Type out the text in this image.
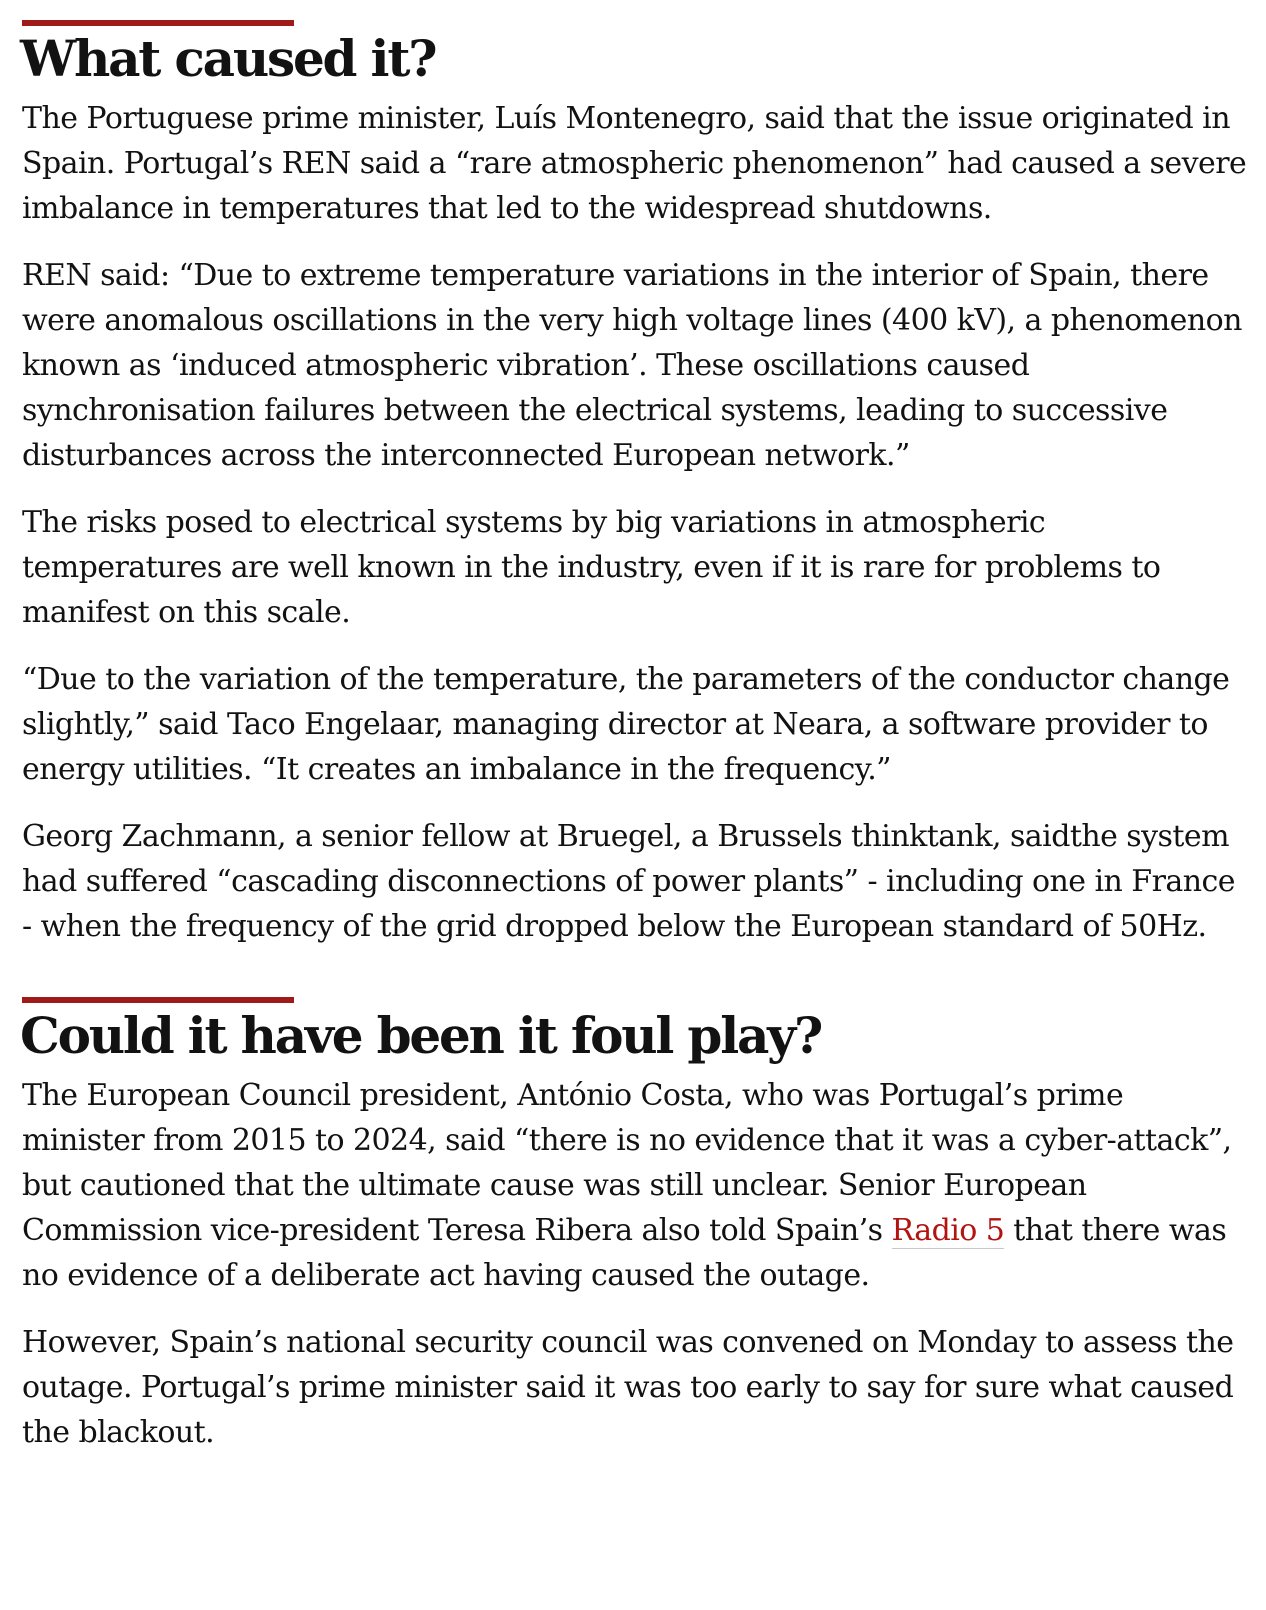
What caused it?

The Portuguese prime minister, Luís Montenegro, said that the issue originated in Spain. Portugal’s REN said a “rare atmospheric phenomenon” had caused a severe imbalance in temperatures that led to the widespread shutdowns.

REN said: “Due to extreme temperature variations in the interior of Spain, there were anomalous oscillations in the very high voltage lines (400 kV), a phenomenon known as ‘induced atmospheric vibration’. These oscillations caused synchronisation failures between the electrical systems, leading to successive disturbances across the interconnected European network.”

The risks posed to electrical systems by big variations in atmospheric temperatures are well known in the industry, even if it is rare for problems to manifest on this scale.

“Due to the variation of the temperature, the parameters of the conductor change slightly,” said Taco Engelaar, managing director at Neara, a software provider to energy utilities. “It creates an imbalance in the frequency.”

Georg Zachmann, a senior fellow at Bruegel, a Brussels thinktank, saidthe system had suffered “cascading disconnections of power plants” - including one in France - when the frequency of the grid dropped below the European standard of 50Hz.

Could it have been it foul play?

The European Council president, António Costa, who was Portugal’s prime minister from 2015 to 2024, said “there is no evidence that it was a cyber-attack”, but cautioned that the ultimate cause was still unclear. Senior European Commission vice-president Teresa Ribera also told Spain’s Radio 5 that there was no evidence of a deliberate act having caused the outage.

However, Spain’s national security council was convened on Monday to assess the outage. Portugal’s prime minister said it was too early to say for sure what caused the blackout.
